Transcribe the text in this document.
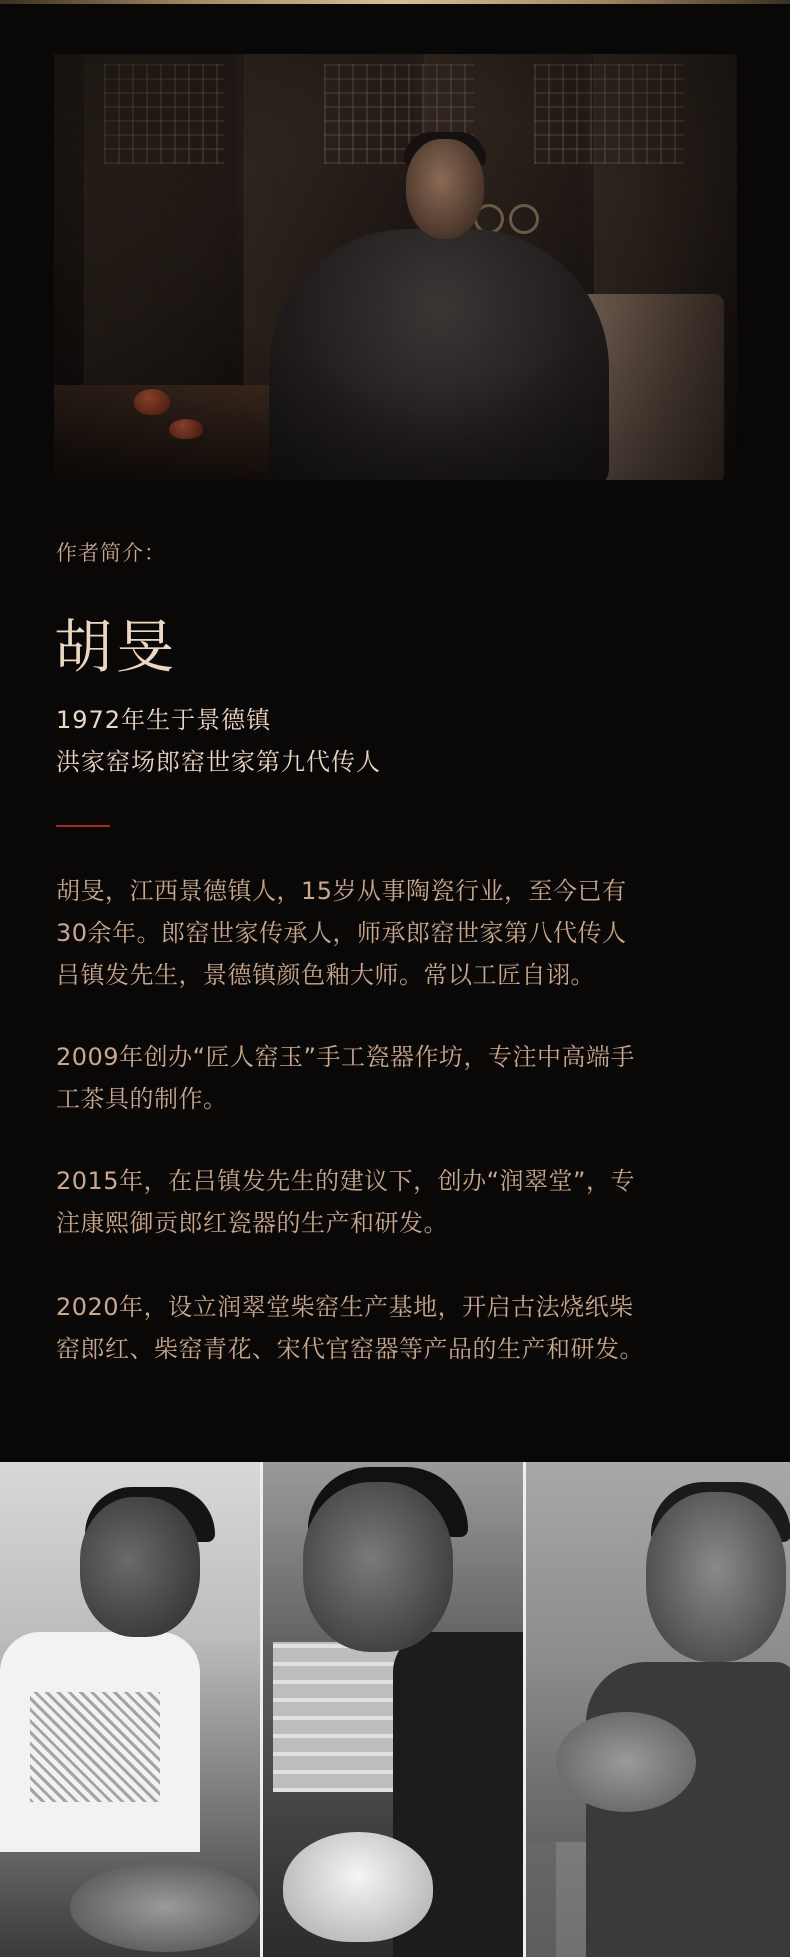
作者简介：
胡旻
1972年生于景德镇
洪家窑场郎窑世家第九代传人
胡旻，江西景德镇人，15岁从事陶瓷行业，至今已有
30余年。郎窑世家传承人，师承郎窑世家第八代传人
吕镇发先生，景德镇颜色釉大师。常以工匠自诩。
2009年创办“匠人窑玉”手工瓷器作坊，专注中高端手
工茶具的制作。
2015年，在吕镇发先生的建议下，创办“润翠堂”，专
注康熙御贡郎红瓷器的生产和研发。
2020年，设立润翠堂柴窑生产基地，开启古法烧纸柴
窑郎红、柴窑青花、宋代官窑器等产品的生产和研发。
